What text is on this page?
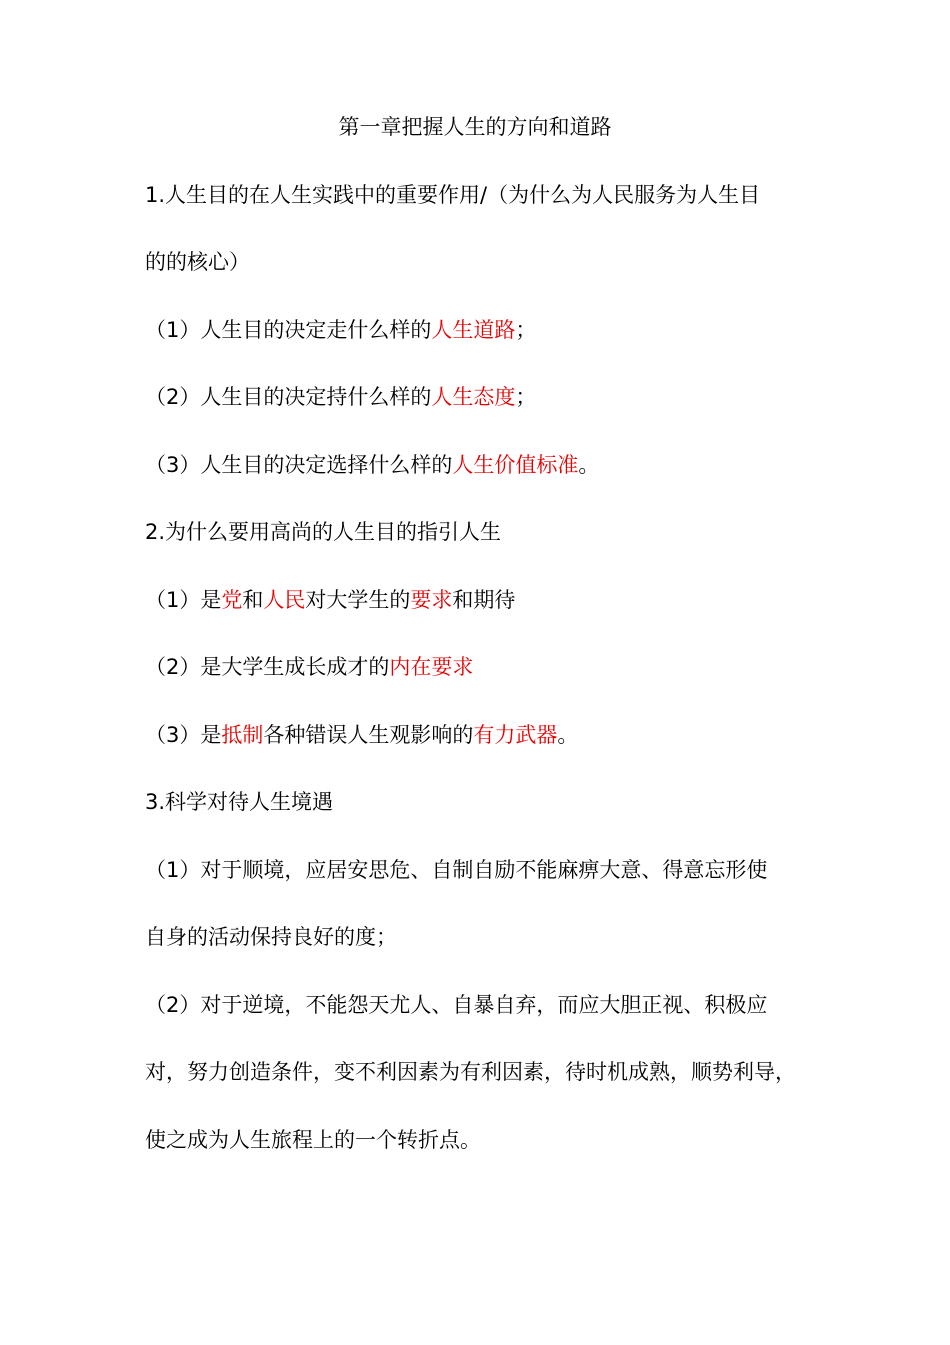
第一章把握人生的方向和道路
1.人生目的在人生实践中的重要作用/（为什么为人民服务为人生目
的的核心）
（1）人生目的决定走什么样的人生道路；
（2）人生目的决定持什么样的人生态度；
（3）人生目的决定选择什么样的人生价值标准。
2.为什么要用高尚的人生目的指引人生
（1）是党和人民对大学生的要求和期待
（2）是大学生成长成才的内在要求
（3）是抵制各种错误人生观影响的有力武器。
3.科学对待人生境遇
（1）对于顺境，应居安思危、自制自励不能麻痹大意、得意忘形使
自身的活动保持良好的度；
（2）对于逆境，不能怨天尤人、自暴自弃，而应大胆正视、积极应
对，努力创造条件，变不利因素为有利因素，待时机成熟，顺势利导，
使之成为人生旅程上的一个转折点。
